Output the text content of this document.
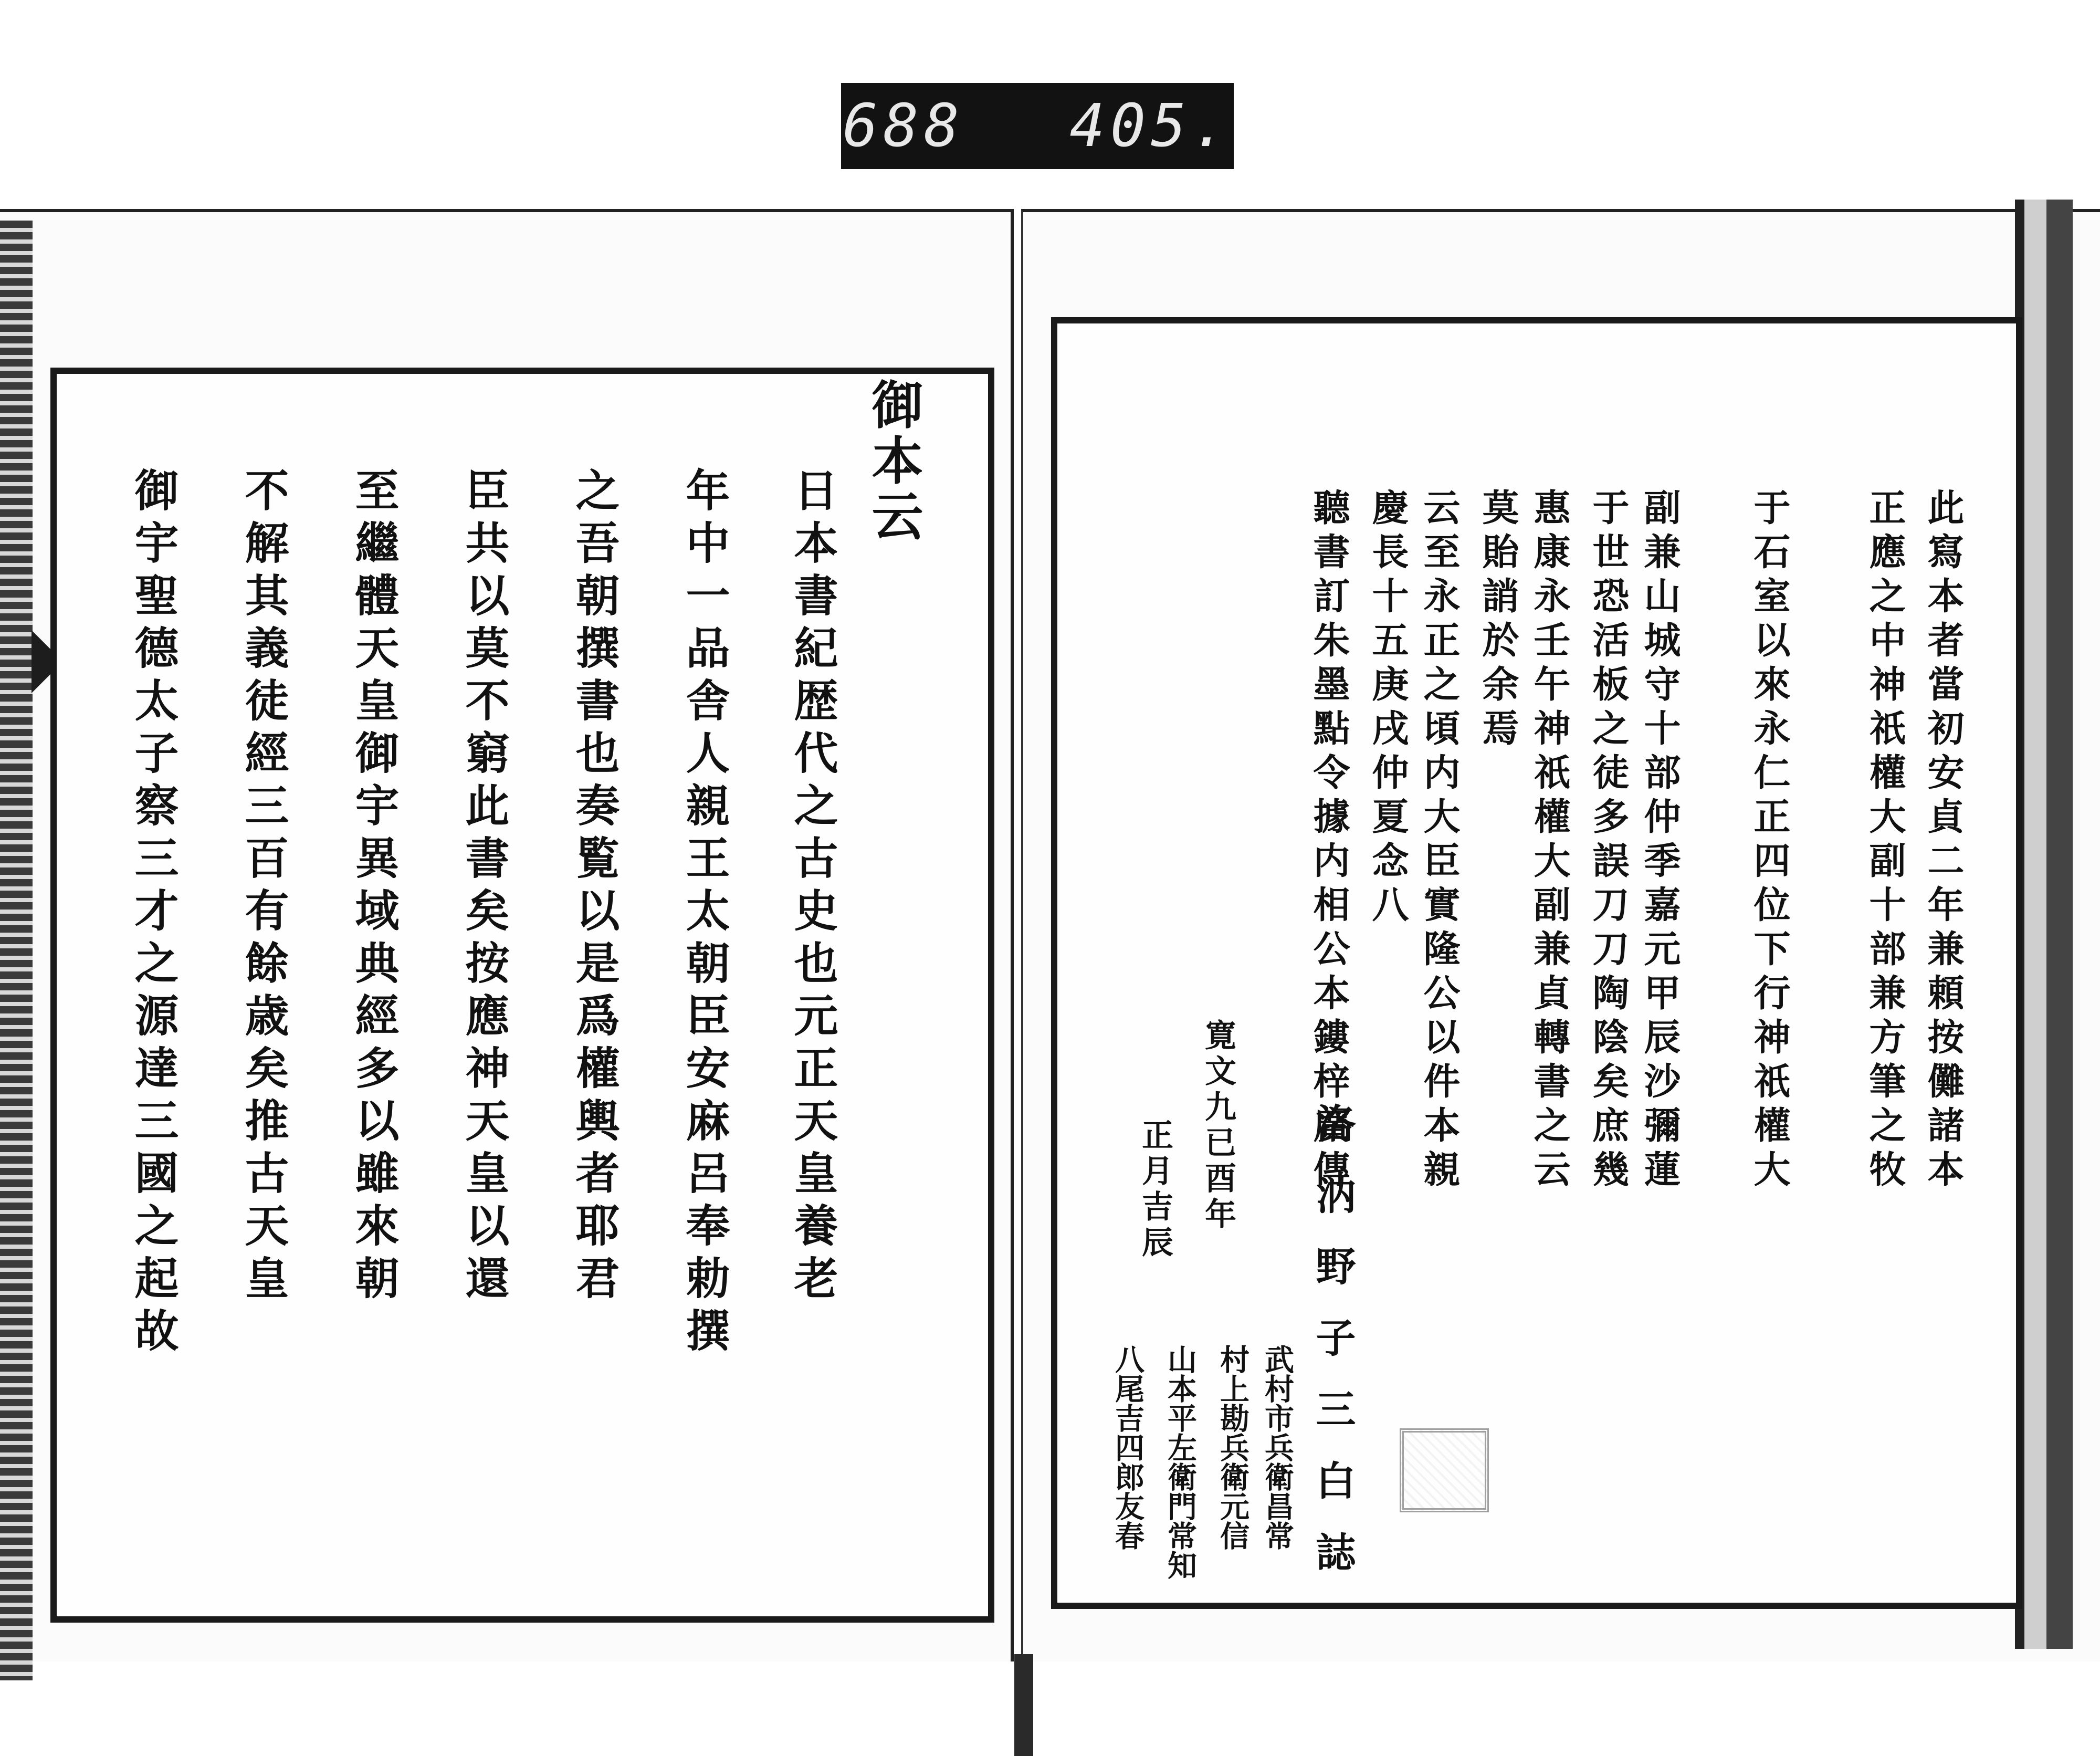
688 405.

御本云

日本書紀歴代之古史也元正天皇養老

年中一品舎人親王太朝臣安麻呂奉勅撰

之吾朝撰書也奏覧以是爲權輿者耶君

臣共以莫不窮此書矣按應神天皇以還

至繼體天皇御宇異域典經多以雖來朝

不解其義徒經三百有餘歳矣推古天皇

御宇聖德太子察三才之源達三國之起故	此寫本者當初安貞二年兼頼按儺諸本

正應之中神祇權大副十部兼方筆之牧

于石室以來永仁正四位下行神祇權大

副兼山城守十部仲季嘉元甲辰沙彌蓮

惠康永壬午神祇權大副兼貞轉書之云

云至永正之頃内大臣實隆公以件本親

聽書訂朱墨點令據内相公本鏤梓廣傳	于世恐活板之徒多誤刀刀陶陰矣庶幾

莫貽誚於余焉

慶長十五庚戌仲夏念八

洛汭野子三白誌

寛文九已酉年

正月吉辰

武村市兵衛昌常

村上勘兵衛元信

山本平左衛門常知

八尾吉四郎友春
